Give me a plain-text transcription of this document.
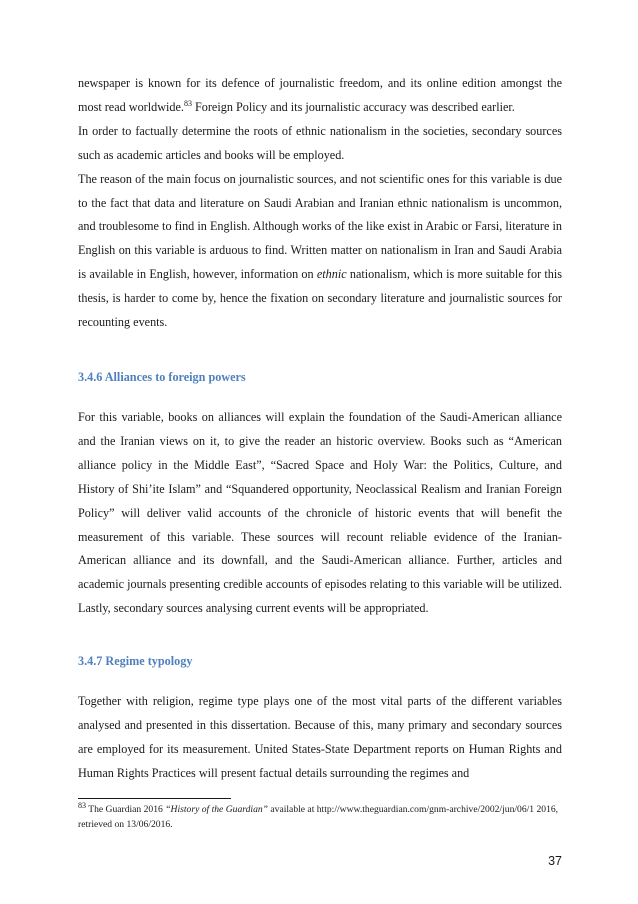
newspaper is known for its defence of journalistic freedom, and its online edition amongst the most read worldwide.$^{83}$ Foreign Policy and its journalistic accuracy was described earlier.

In order to factually determine the roots of ethnic nationalism in the societies, secondary sources such as academic articles and books will be employed.

The reason of the main focus on journalistic sources, and not scientific ones for this variable is due to the fact that data and literature on Saudi Arabian and Iranian ethnic nationalism is uncommon, and troublesome to find in English. Although works of the like exist in Arabic or Farsi, literature in English on this variable is arduous to find. Written matter on nationalism in Iran and Saudi Arabia is available in English, however, information on ethnic nationalism, which is more suitable for this thesis, is harder to come by, hence the fixation on secondary literature and journalistic sources for recounting events.

3.4.6 Alliances to foreign powers

For this variable, books on alliances will explain the foundation of the Saudi-American alliance and the Iranian views on it, to give the reader an historic overview. Books such as “American alliance policy in the Middle East”, “Sacred Space and Holy War: the Politics, Culture, and History of Shi’ite Islam” and “Squandered opportunity, Neoclassical Realism and Iranian Foreign Policy” will deliver valid accounts of the chronicle of historic events that will benefit the measurement of this variable. These sources will recount reliable evidence of the Iranian-American alliance and its downfall, and the Saudi-American alliance. Further, articles and academic journals presenting credible accounts of episodes relating to this variable will be utilized. Lastly, secondary sources analysing current events will be appropriated.

3.4.7 Regime typology

Together with religion, regime type plays one of the most vital parts of the different variables analysed and presented in this dissertation. Because of this, many primary and secondary sources are employed for its measurement. United States-State Department reports on Human Rights and Human Rights Practices will present factual details surrounding the regimes and

$^{83}$ The Guardian 2016 “History of the Guardian” available at http://www.theguardian.com/gnm-archive/2002/jun/06/1 2016, retrieved on 13/06/2016.
37
